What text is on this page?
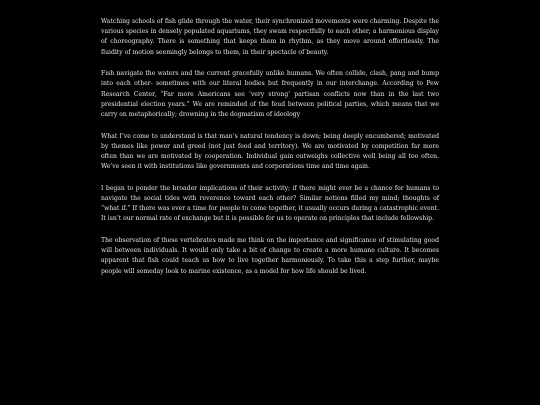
Watching schools of fish glide through the water, their synchronized movements were charming. Despite the various species in densely populated aquariums, they swam respectfully to each other; a harmonious display of choreography. There is something that keeps them in rhythm, as they move around effortlessly. The fluidity of motion seemingly belongs to them, in their spectacle of beauty.

Fish navigate the waters and the current gracefully unlike humans. We often collide, clash, pang and bump into each other- sometimes with our literal bodies but frequently in our interchange. According to Pew Research Center, “Far more Americans see ‘very strong’ partisan conflicts now than in the last two presidential election years.” We are reminded of the feud between political parties, which means that we carry on metaphorically; drowning in the dogmatism of ideology

What I’ve come to understand is that man’s natural tendency is down; being deeply encumbered; motivated by themes like power and greed (not just food and territory). We are motivated by competition far more often than we are motivated by cooperation. Individual gain outweighs collective well being all too often. We’ve seen it with institutions like governments and corporations time and time again.

I began to ponder the broader implications of their activity; if there might ever be a chance for humans to navigate the social tides with reverence toward each other? Similar notions filled my mind; thoughts of “what if.” If there was ever a time for people to come together, it usually occurs during a catastrophic event. It isn’t our normal rate of exchange but it is possible for us to operate on principles that include fellowship.

The observation of these vertebrates made me think on the importance and significance of stimulating good will between individuals. It would only take a bit of change to create a more humane culture. It becomes apparent that fish could teach us how to live together harmoniously. To take this a step further, maybe people will someday look to marine existence, as a model for how life should be lived.
